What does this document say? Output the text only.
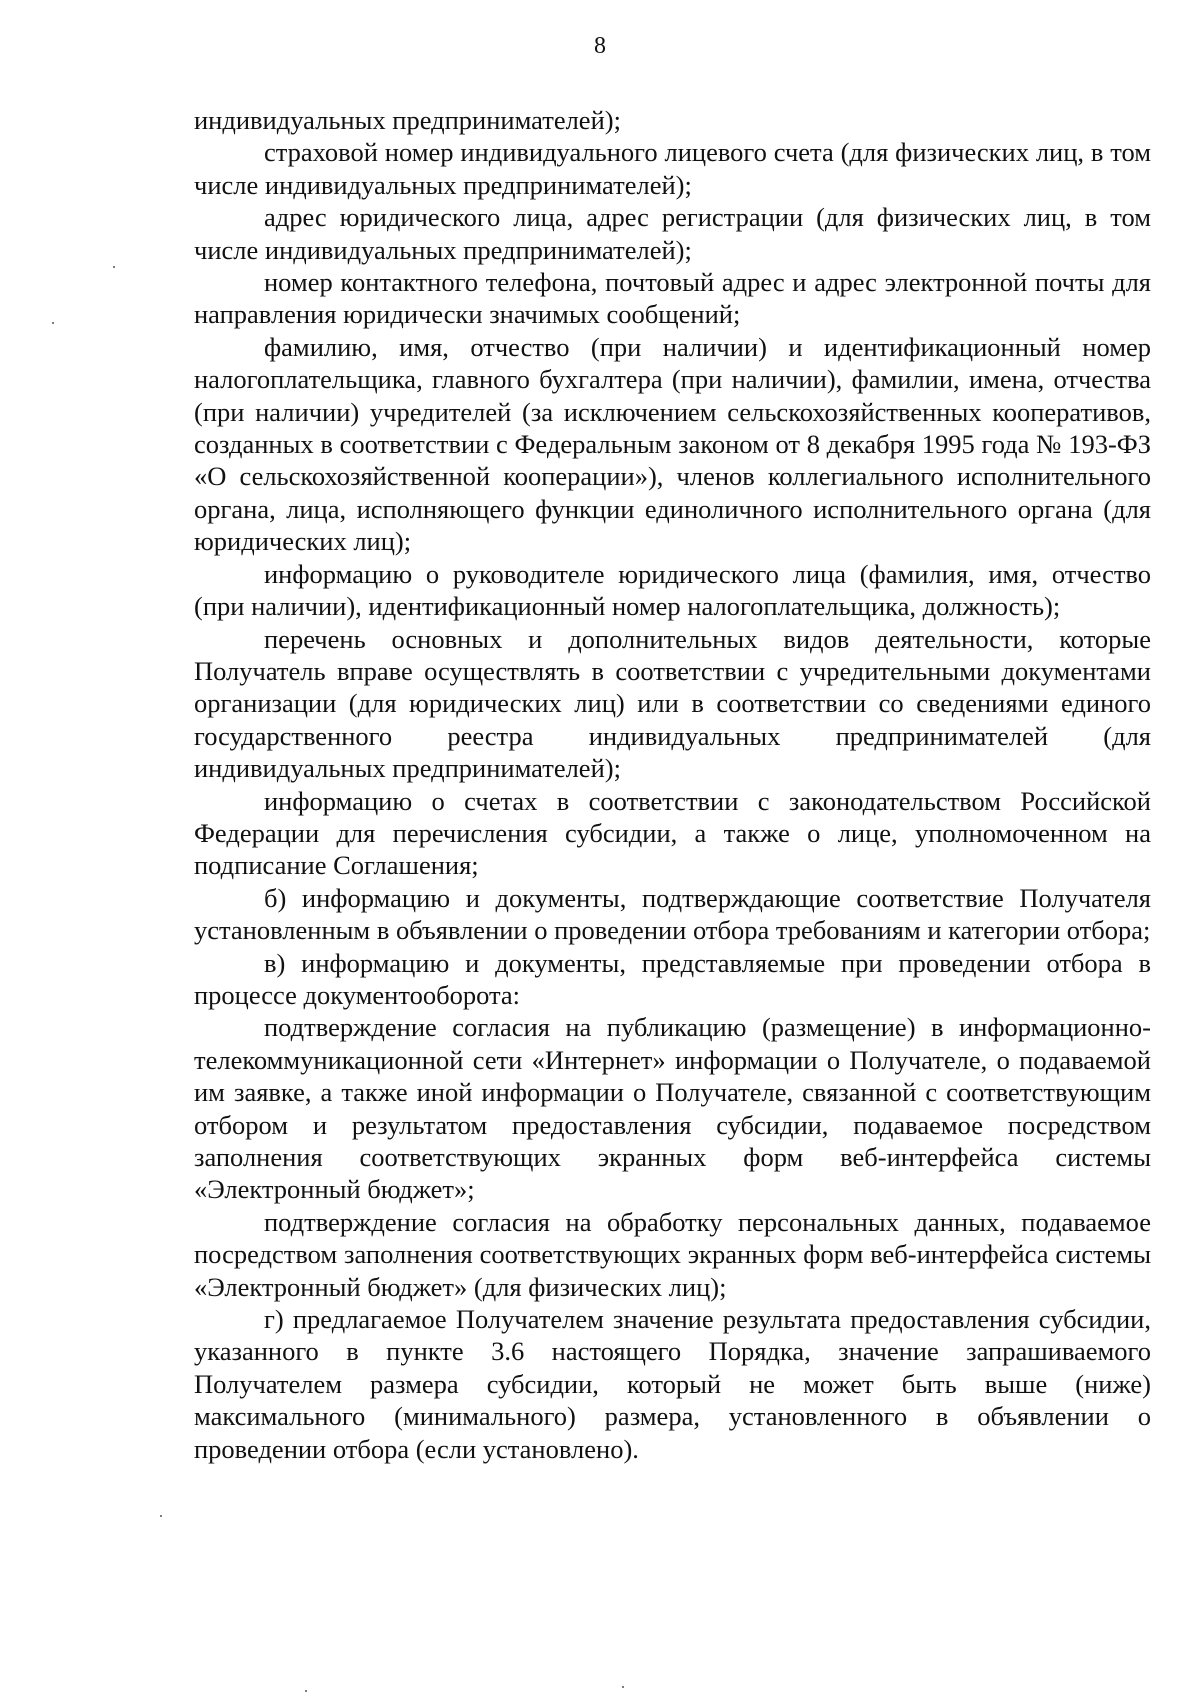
8

индивидуальных предпринимателей);

страховой номер индивидуального лицевого счета (для физических лиц, в том числе индивидуальных предпринимателей);

адрес юридического лица, адрес регистрации (для физических лиц, в том числе индивидуальных предпринимателей);

номер контактного телефона, почтовый адрес и адрес электронной почты для направления юридически значимых сообщений;

фамилию, имя, отчество (при наличии) и идентификационный номер налогоплательщика, главного бухгалтера (при наличии), фамилии, имена, отчества (при наличии) учредителей (за исключением сельскохозяйственных кооперативов, созданных в соответствии с Федеральным законом от 8 декабря 1995 года № 193-ФЗ «О сельскохозяйственной кооперации»), членов коллегиального исполнительного органа, лица, исполняющего функции единоличного исполнительного органа (для юридических лиц);

информацию о руководителе юридического лица (фамилия, имя, отчество (при наличии), идентификационный номер налогоплательщика, должность);

перечень основных и дополнительных видов деятельности, которые Получатель вправе осуществлять в соответствии с учредительными документами организации (для юридических лиц) или в соответствии со сведениями единого государственного реестра индивидуальных предпринимателей (для индивидуальных предпринимателей);

информацию о счетах в соответствии с законодательством Российской Федерации для перечисления субсидии, а также о лице, уполномоченном на подписание Соглашения;

б) информацию и документы, подтверждающие соответствие Получателя установленным в объявлении о проведении отбора требованиям и категории отбора;

в) информацию и документы, представляемые при проведении отбора в процессе документооборота:

подтверждение согласия на публикацию (размещение) в информационно-телекоммуникационной сети «Интернет» информации о Получателе, о подаваемой им заявке, а также иной информации о Получателе, связанной с соответствующим отбором и результатом предоставления субсидии, подаваемое посредством заполнения соответствующих экранных форм веб-интерфейса системы «Электронный бюджет»;

подтверждение согласия на обработку персональных данных, подаваемое посредством заполнения соответствующих экранных форм веб-интерфейса системы «Электронный бюджет» (для физических лиц);

г) предлагаемое Получателем значение результата предоставления субсидии, указанного в пункте 3.6 настоящего Порядка, значение запрашиваемого Получателем размера субсидии, который не может быть выше (ниже) максимального (минимального) размера, установленного в объявлении о проведении отбора (если установлено).
